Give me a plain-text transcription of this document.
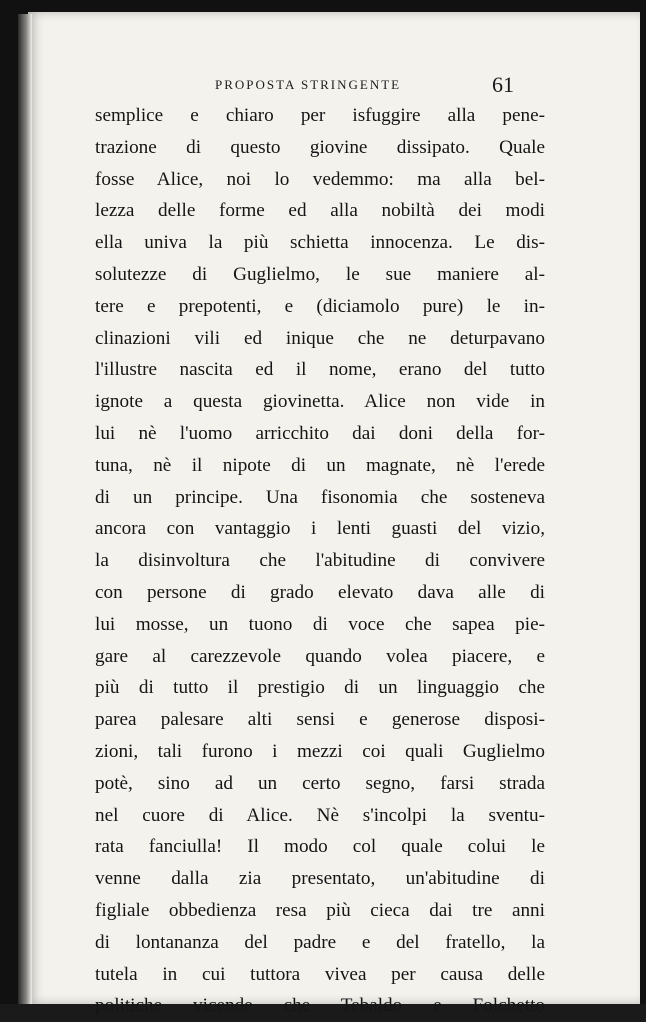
PROPOSTA STRINGENTE	61
semplice e chiaro per isfuggire alla pene-
trazione di questo giovine dissipato. Quale
fosse Alice, noi lo vedemmo: ma alla bel-
lezza delle forme ed alla nobiltà dei modi
ella univa la più schietta innocenza. Le dis-
solutezze di Guglielmo, le sue maniere al-
tere e prepotenti, e (diciamolo pure) le in-
clinazioni vili ed inique che ne deturpavano
l'illustre nascita ed il nome, erano del tutto
ignote a questa giovinetta. Alice non vide in
lui nè l'uomo arricchito dai doni della for-
tuna, nè il nipote di un magnate, nè l'erede
di un principe. Una fisonomia che sosteneva
ancora con vantaggio i lenti guasti del vizio,
la disinvoltura che l'abitudine di convivere
con persone di grado elevato dava alle di
lui mosse, un tuono di voce che sapea pie-
gare al carezzevole quando volea piacere, e
più di tutto il prestigio di un linguaggio che
parea palesare alti sensi e generose disposi-
zioni, tali furono i mezzi coi quali Guglielmo
potè, sino ad un certo segno, farsi strada
nel cuore di Alice. Nè s'incolpi la sventu-
rata fanciulla! Il modo col quale colui le
venne dalla zia presentato, un'abitudine di
figliale obbedienza resa più cieca dai tre anni
di lontananza del padre e del fratello, la
tutela in cui tuttora vivea per causa delle
politiche vicende che Tebaldo e Folchetto
